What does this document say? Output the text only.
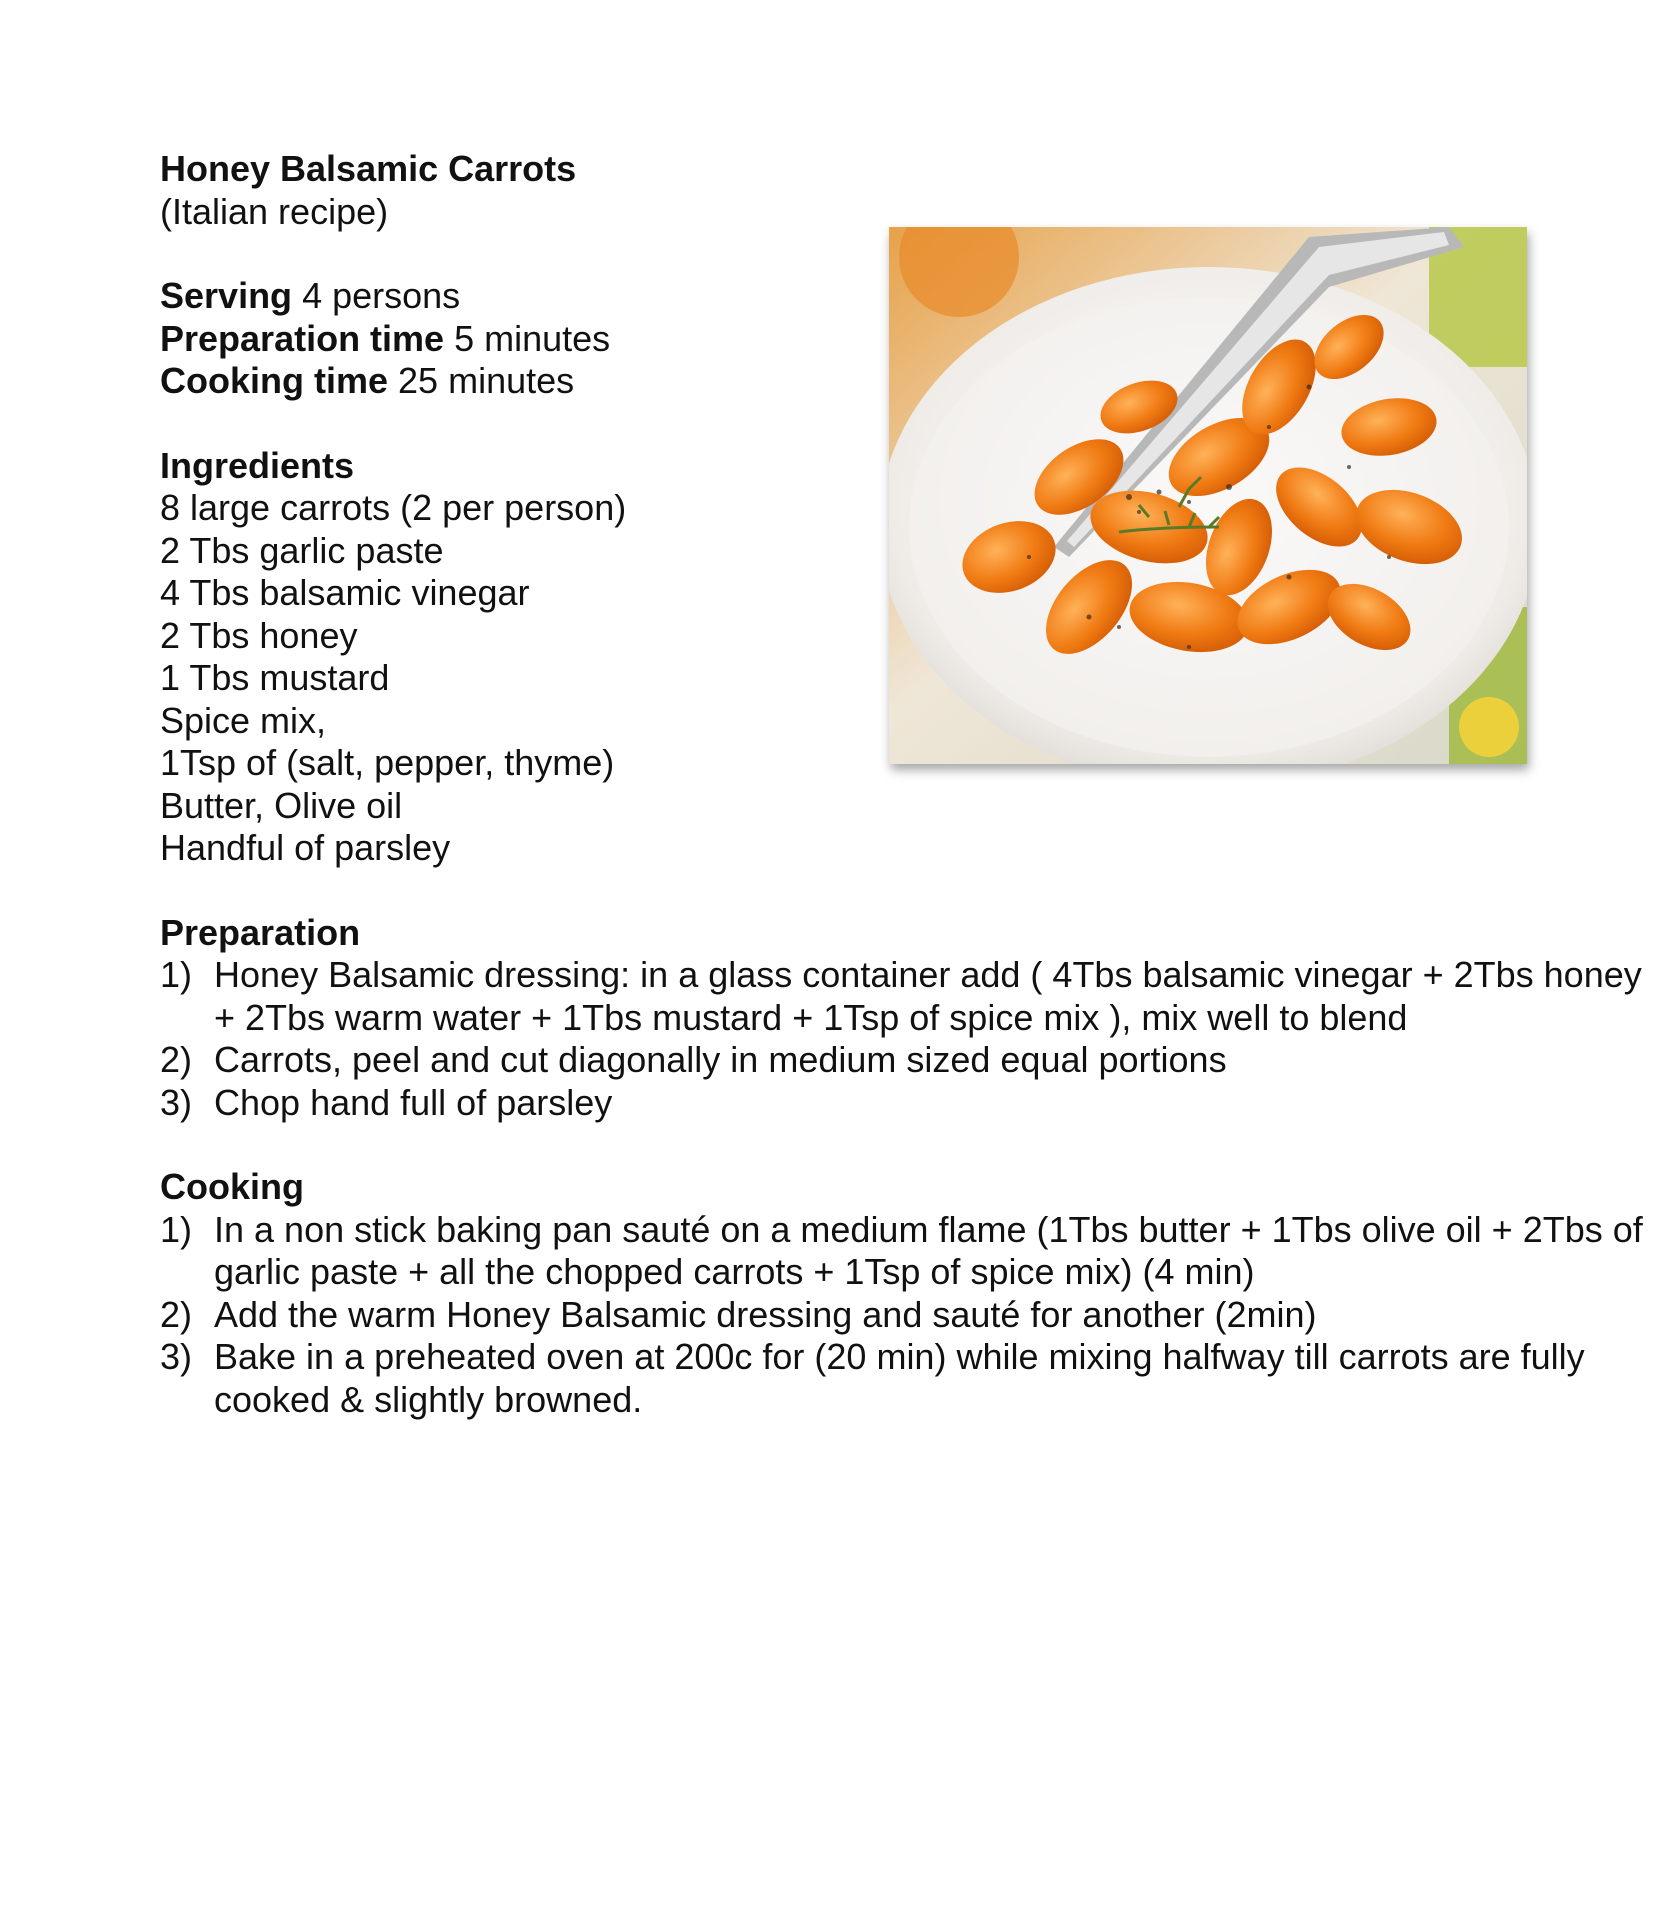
Honey Balsamic Carrots
(Italian recipe)
Serving 4 persons
Preparation time 5 minutes
Cooking time 25 minutes
Ingredients
8 large carrots (2 per person)
2 Tbs garlic paste
4 Tbs balsamic vinegar
2 Tbs honey
1 Tbs mustard
Spice mix,
1Tsp of (salt, pepper, thyme)
Butter, Olive oil
Handful of parsley
Preparation
1) Honey Balsamic dressing: in a glass container add ( 4Tbs balsamic vinegar + 2Tbs honey + 2Tbs warm water + 1Tbs mustard + 1Tsp of spice mix ), mix well to blend
2) Carrots, peel and cut diagonally in medium sized equal portions
3) Chop hand full of parsley
Cooking
1) In a non stick baking pan sauté on a medium flame (1Tbs butter + 1Tbs olive oil + 2Tbs of garlic paste + all the chopped carrots + 1Tsp of spice mix) (4 min)
2) Add the warm Honey Balsamic dressing and sauté for another (2min)
3) Bake in a preheated oven at 200c for (20 min) while mixing halfway till carrots are fully cooked & slightly browned.
